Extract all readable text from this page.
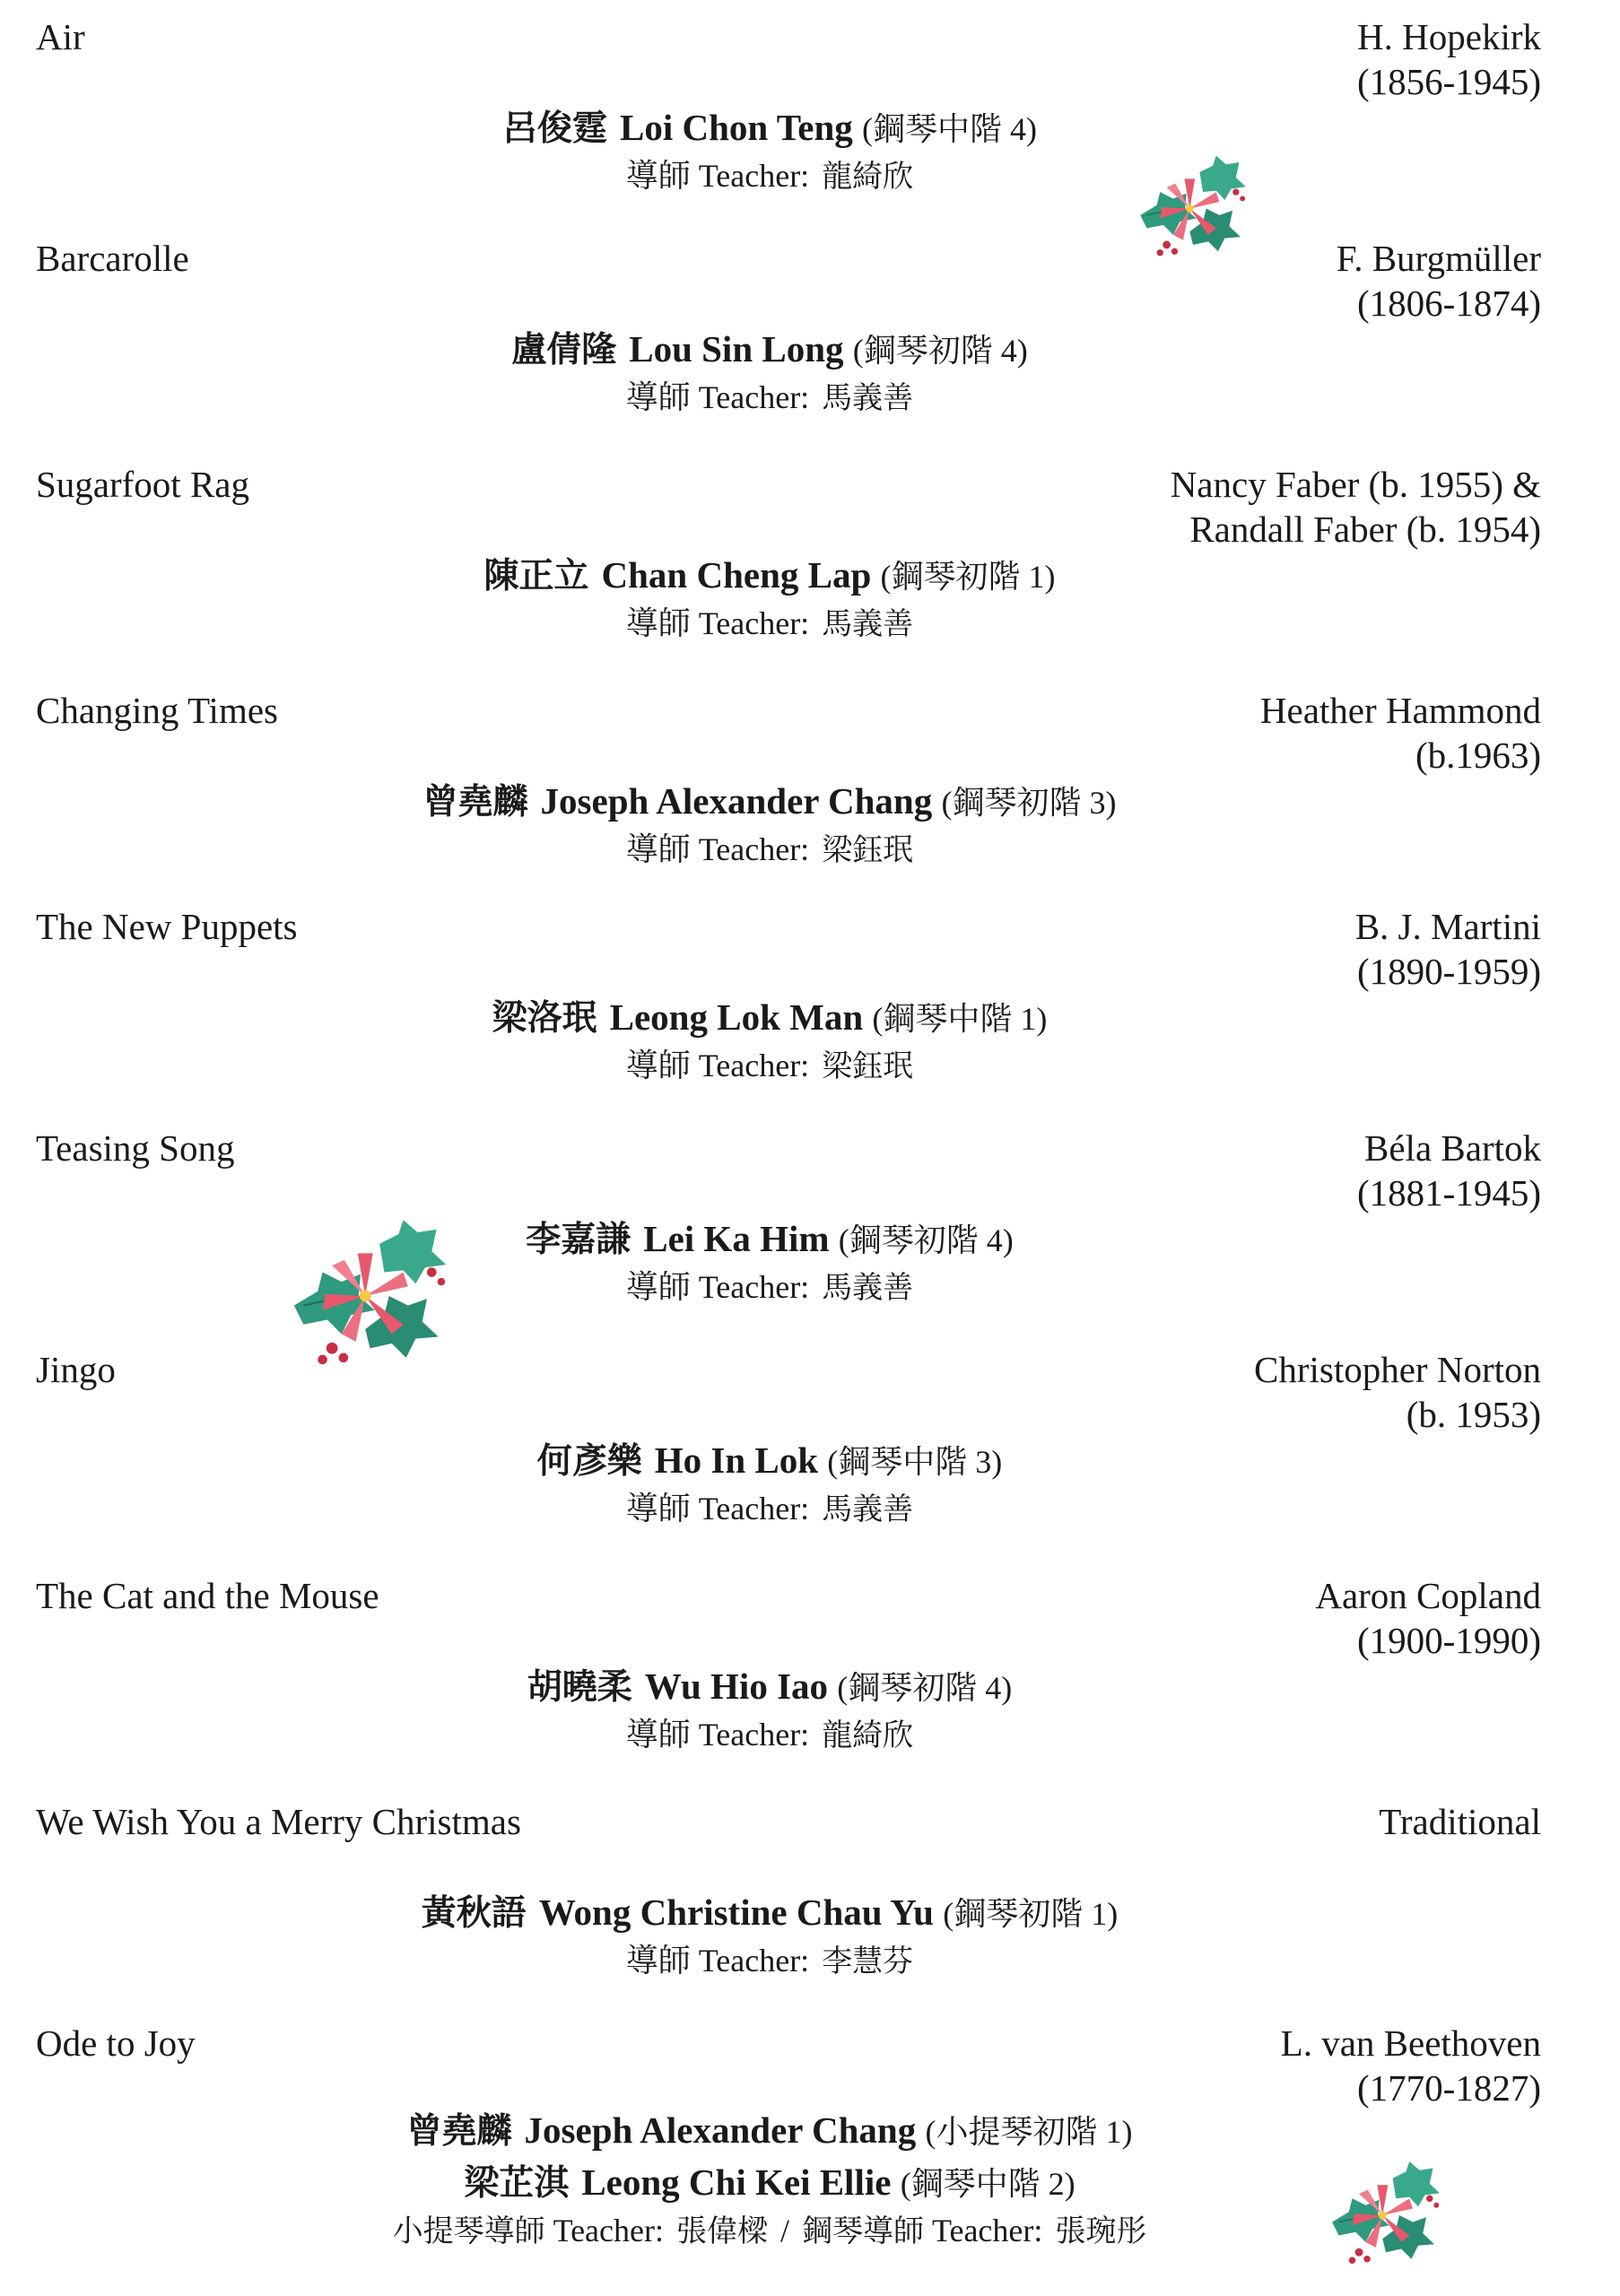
Air	H. Hopekirk
(1856-1945)
呂俊霆 Loi Chon Teng (鋼琴中階 4)
導師 Teacher: 龍綺欣
Barcarolle	F. Burgmüller
(1806-1874)
盧倩隆 Lou Sin Long (鋼琴初階 4)
導師 Teacher: 馬義善
Sugarfoot Rag	Nancy Faber (b. 1955) &
Randall Faber (b. 1954)
陳正立 Chan Cheng Lap (鋼琴初階 1)
導師 Teacher: 馬義善
Changing Times	Heather Hammond
(b.1963)
曾堯麟 Joseph Alexander Chang (鋼琴初階 3)
導師 Teacher: 梁鈺珉
The New Puppets	B. J. Martini
(1890-1959)
梁洛珉 Leong Lok Man (鋼琴中階 1)
導師 Teacher: 梁鈺珉
Teasing Song	Béla Bartok
(1881-1945)
李嘉謙 Lei Ka Him (鋼琴初階 4)
導師 Teacher: 馬義善
Jingo	Christopher Norton
(b. 1953)
何彥樂 Ho In Lok (鋼琴中階 3)
導師 Teacher: 馬義善
The Cat and the Mouse	Aaron Copland
(1900-1990)
胡曉柔 Wu Hio Iao (鋼琴初階 4)
導師 Teacher: 龍綺欣
We Wish You a Merry Christmas	Traditional
黃秋語 Wong Christine Chau Yu (鋼琴初階 1)
導師 Teacher: 李慧芬
Ode to Joy	L. van Beethoven
(1770-1827)
曾堯麟 Joseph Alexander Chang (小提琴初階 1)
梁芷淇 Leong Chi Kei Ellie (鋼琴中階 2)
小提琴導師 Teacher: 張偉樑 / 鋼琴導師 Teacher: 張琬彤
